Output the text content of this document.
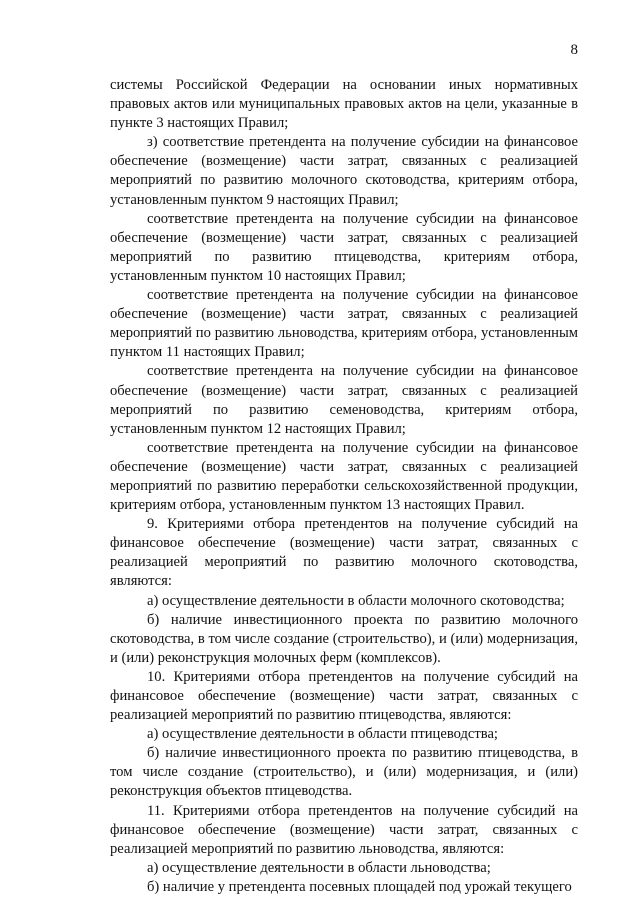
8

системы Российской Федерации на основании иных нормативных правовых актов или муниципальных правовых актов на цели, указанные в пункте 3 настоящих Правил;

з) соответствие претендента на получение субсидии на финансовое обеспечение (возмещение) части затрат, связанных с реализацией мероприятий по развитию молочного скотоводства, критериям отбора, установленным пунктом 9 настоящих Правил;

соответствие претендента на получение субсидии на финансовое обеспечение (возмещение) части затрат, связанных с реализацией мероприятий по развитию птицеводства, критериям отбора, установленным пунктом 10 настоящих Правил;

соответствие претендента на получение субсидии на финансовое обеспечение (возмещение) части затрат, связанных с реализацией мероприятий по развитию льноводства, критериям отбора, установленным пунктом 11 настоящих Правил;

соответствие претендента на получение субсидии на финансовое обеспечение (возмещение) части затрат, связанных с реализацией мероприятий по развитию семеноводства, критериям отбора, установленным пунктом 12 настоящих Правил;

соответствие претендента на получение субсидии на финансовое обеспечение (возмещение) части затрат, связанных с реализацией мероприятий по развитию переработки сельскохозяйственной продукции, критериям отбора, установленным пунктом 13 настоящих Правил.

9. Критериями отбора претендентов на получение субсидий на финансовое обеспечение (возмещение) части затрат, связанных с реализацией мероприятий по развитию молочного скотоводства, являются:

а) осуществление деятельности в области молочного скотоводства;

б) наличие инвестиционного проекта по развитию молочного скотоводства, в том числе создание (строительство), и (или) модернизация, и (или) реконструкция молочных ферм (комплексов).

10. Критериями отбора претендентов на получение субсидий на финансовое обеспечение (возмещение) части затрат, связанных с реализацией мероприятий по развитию птицеводства, являются:

а) осуществление деятельности в области птицеводства;

б) наличие инвестиционного проекта по развитию птицеводства, в том числе создание (строительство), и (или) модернизация, и (или) реконструкция объектов птицеводства.

11. Критериями отбора претендентов на получение субсидий на финансовое обеспечение (возмещение) части затрат, связанных с реализацией мероприятий по развитию льноводства, являются:

а) осуществление деятельности в области льноводства;

б) наличие у претендента посевных площадей под урожай текущего
